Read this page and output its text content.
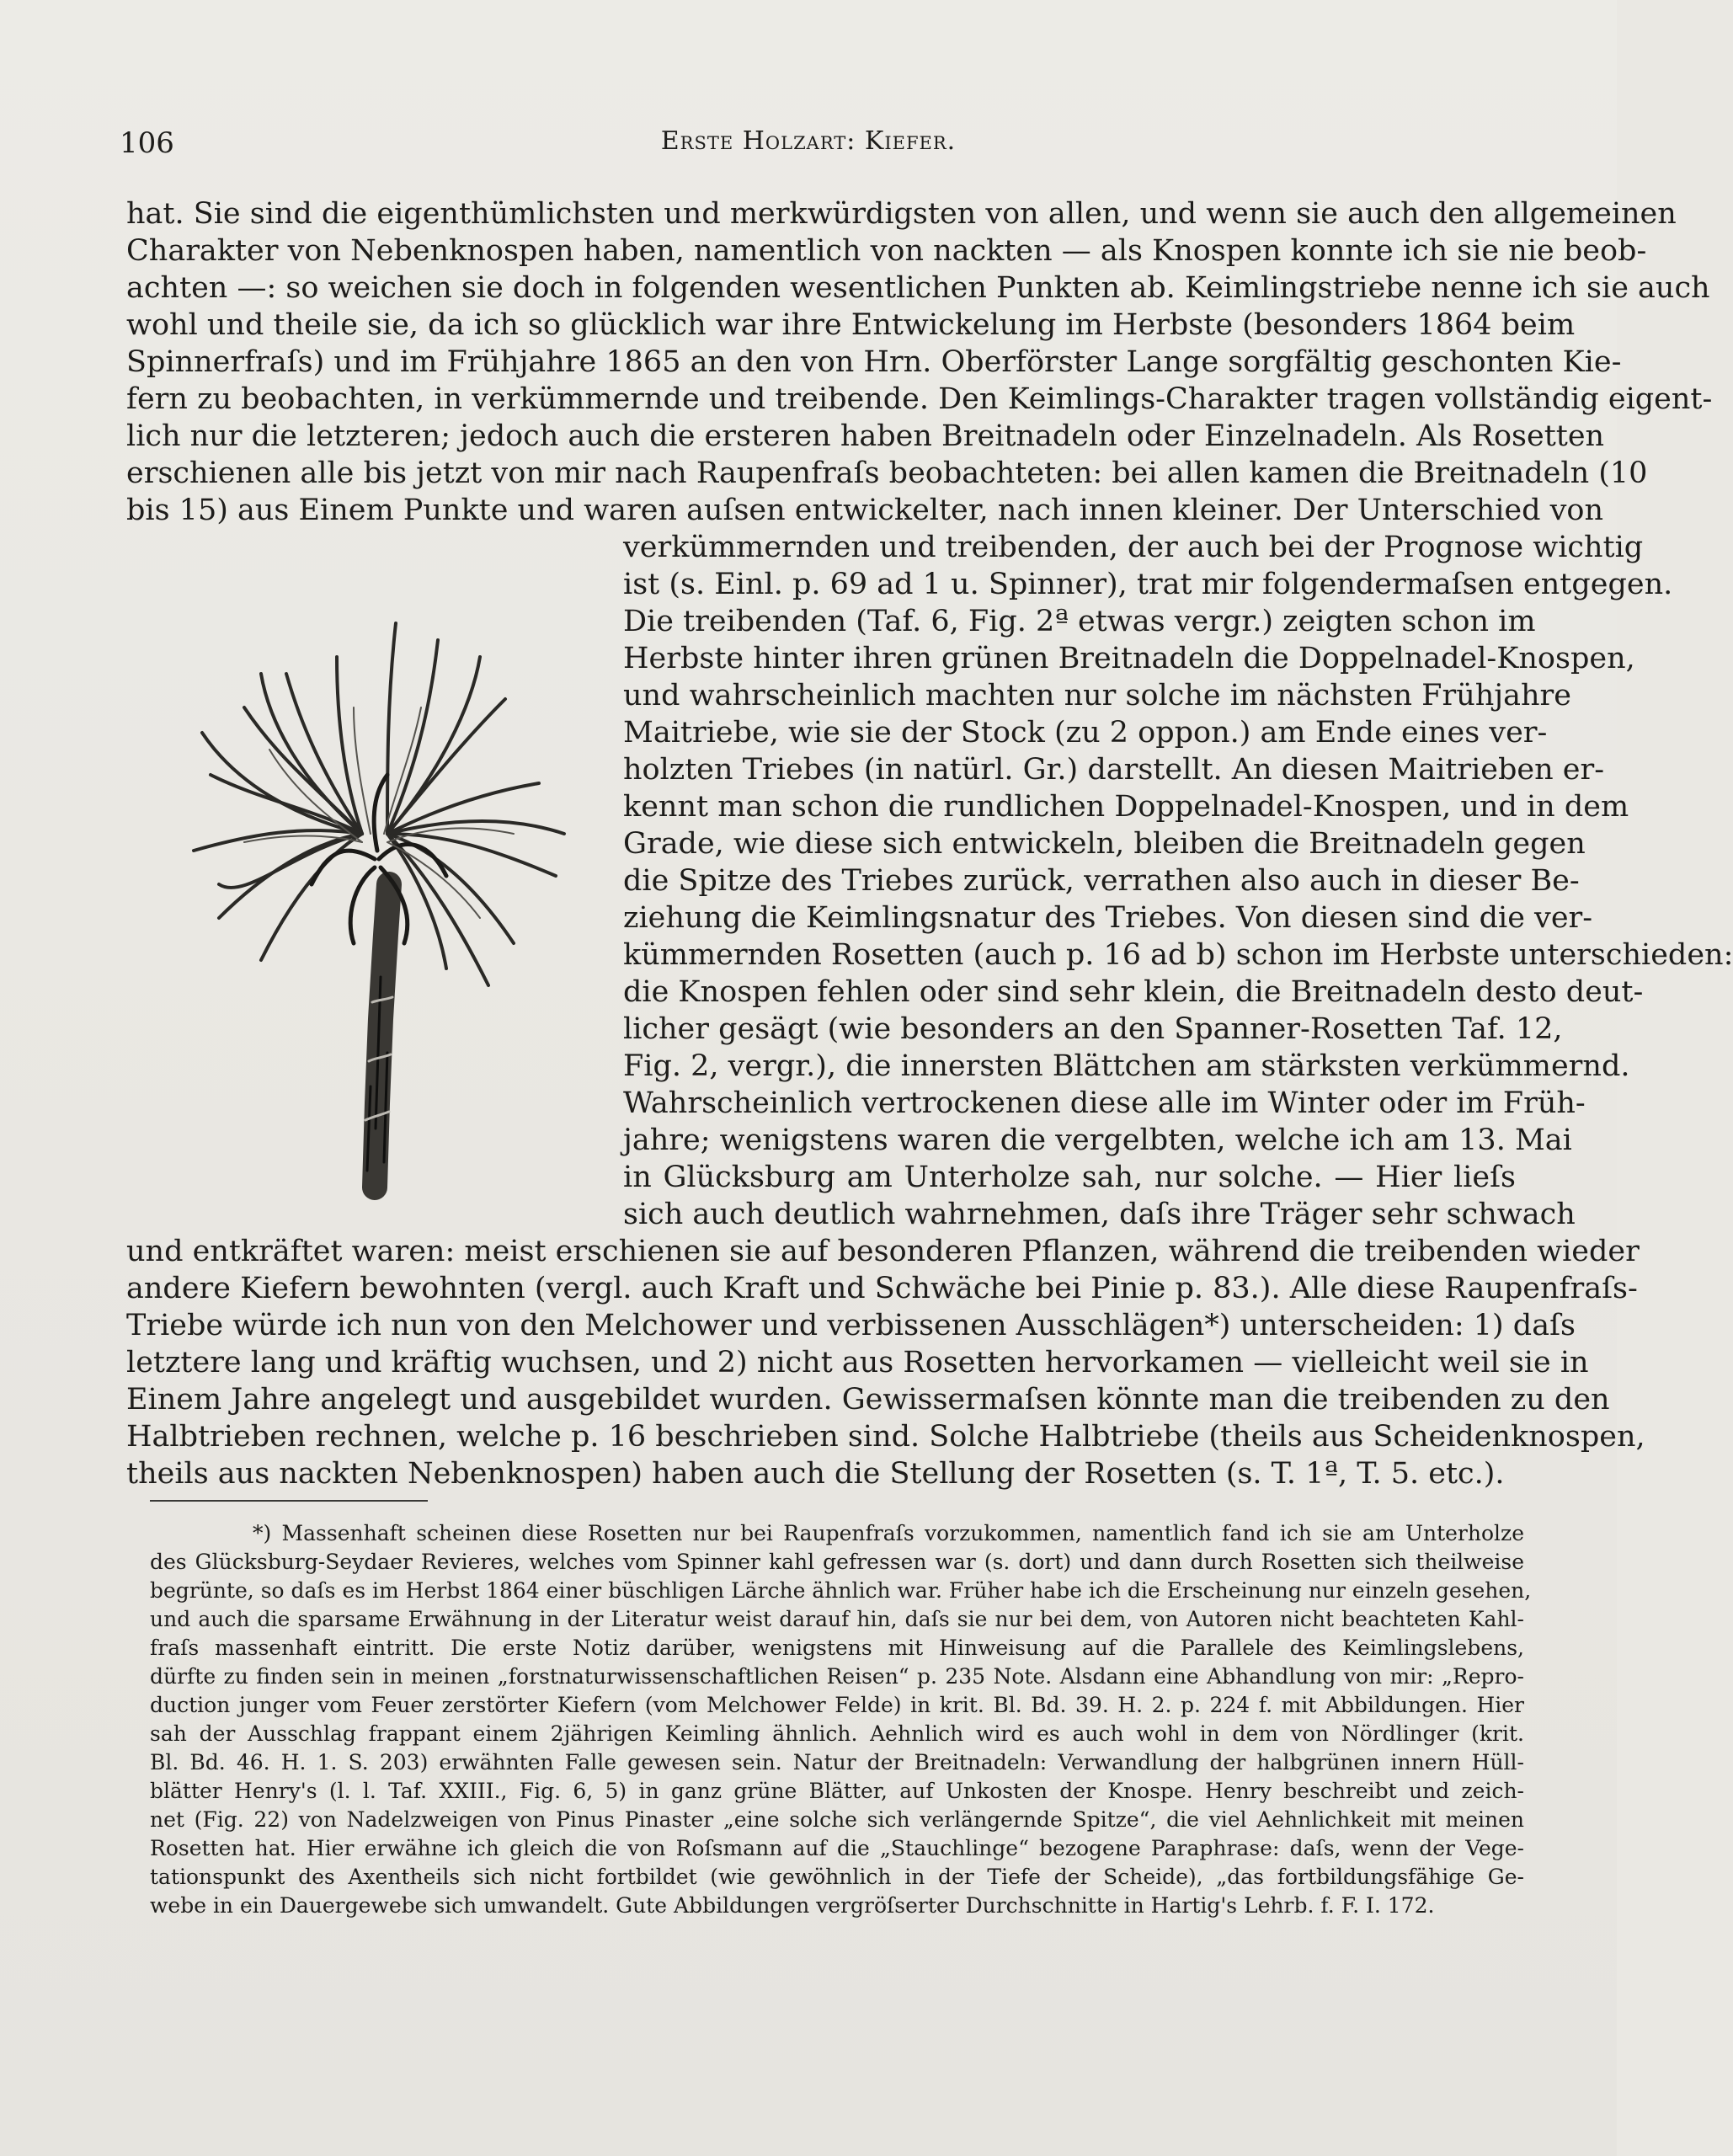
106	Erste Holzart: Kiefer.
hat. Sie sind die eigenthümlichsten und merkwürdigsten von allen, und wenn sie auch den allgemeinen
Charakter von Nebenknospen haben, namentlich von nackten — als Knospen konnte ich sie nie beob-
achten —: so weichen sie doch in folgenden wesentlichen Punkten ab. Keimlingstriebe nenne ich sie auch
wohl und theile sie, da ich so glücklich war ihre Entwickelung im Herbste (besonders 1864 beim
Spinnerfraſs) und im Frühjahre 1865 an den von Hrn. Oberförster Lange sorgfältig geschonten Kie-
fern zu beobachten, in verkümmernde und treibende. Den Keimlings-Charakter tragen vollständig eigent-
lich nur die letzteren; jedoch auch die ersteren haben Breitnadeln oder Einzelnadeln. Als Rosetten
erschienen alle bis jetzt von mir nach Raupenfraſs beobachteten: bei allen kamen die Breitnadeln (10
bis 15) aus Einem Punkte und waren auſsen entwickelter, nach innen kleiner. Der Unterschied von
verkümmernden und treibenden, der auch bei der Prognose wichtig
ist (s. Einl. p. 69 ad 1 u. Spinner), trat mir folgendermaſsen entgegen.
Die treibenden (Taf. 6, Fig. 2ª etwas vergr.) zeigten schon im
Herbste hinter ihren grünen Breitnadeln die Doppelnadel-Knospen,
und wahrscheinlich machten nur solche im nächsten Frühjahre
Maitriebe, wie sie der Stock (zu 2 oppon.) am Ende eines ver-
holzten Triebes (in natürl. Gr.) darstellt. An diesen Maitrieben er-
kennt man schon die rundlichen Doppelnadel-Knospen, und in dem
Grade, wie diese sich entwickeln, bleiben die Breitnadeln gegen
die Spitze des Triebes zurück, verrathen also auch in dieser Be-
ziehung die Keimlingsnatur des Triebes. Von diesen sind die ver-
kümmernden Rosetten (auch p. 16 ad b) schon im Herbste unterschieden:
die Knospen fehlen oder sind sehr klein, die Breitnadeln desto deut-
licher gesägt (wie besonders an den Spanner-Rosetten Taf. 12,
Fig. 2, vergr.), die innersten Blättchen am stärksten verkümmernd.
Wahrscheinlich vertrockenen diese alle im Winter oder im Früh-
jahre; wenigstens waren die vergelbten, welche ich am 13. Mai
in Glücksburg am Unterholze sah, nur solche. — Hier lieſs
sich auch deutlich wahrnehmen, daſs ihre Träger sehr schwach
und entkräftet waren: meist erschienen sie auf besonderen Pflanzen, während die treibenden wieder
andere Kiefern bewohnten (vergl. auch Kraft und Schwäche bei Pinie p. 83.). Alle diese Raupenfraſs-
Triebe würde ich nun von den Melchower und verbissenen Ausschlägen*) unterscheiden: 1) daſs
letztere lang und kräftig wuchsen, und 2) nicht aus Rosetten hervorkamen — vielleicht weil sie in
Einem Jahre angelegt und ausgebildet wurden. Gewissermaſsen könnte man die treibenden zu den
Halbtrieben rechnen, welche p. 16 beschrieben sind. Solche Halbtriebe (theils aus Scheidenknospen,
theils aus nackten Nebenknospen) haben auch die Stellung der Rosetten (s. T. 1ª, T. 5. etc.).
*) Massenhaft scheinen diese Rosetten nur bei Raupenfraſs vorzukommen, namentlich fand ich sie am Unterholze
des Glücksburg-Seydaer Revieres, welches vom Spinner kahl gefressen war (s. dort) und dann durch Rosetten sich theilweise
begrünte, so daſs es im Herbst 1864 einer büschligen Lärche ähnlich war. Früher habe ich die Erscheinung nur einzeln gesehen,
und auch die sparsame Erwähnung in der Literatur weist darauf hin, daſs sie nur bei dem, von Autoren nicht beachteten Kahl-
fraſs massenhaft eintritt. Die erste Notiz darüber, wenigstens mit Hinweisung auf die Parallele des Keimlingslebens,
dürfte zu finden sein in meinen „forstnaturwissenschaftlichen Reisen“ p. 235 Note. Alsdann eine Abhandlung von mir: „Repro-
duction junger vom Feuer zerstörter Kiefern (vom Melchower Felde) in krit. Bl. Bd. 39. H. 2. p. 224 f. mit Abbildungen. Hier
sah der Ausschlag frappant einem 2jährigen Keimling ähnlich. Aehnlich wird es auch wohl in dem von Nördlinger (krit.
Bl. Bd. 46. H. 1. S. 203) erwähnten Falle gewesen sein. Natur der Breitnadeln: Verwandlung der halbgrünen innern Hüll-
blätter Henry's (l. l. Taf. XXIII., Fig. 6, 5) in ganz grüne Blätter, auf Unkosten der Knospe. Henry beschreibt und zeich-
net (Fig. 22) von Nadelzweigen von Pinus Pinaster „eine solche sich verlängernde Spitze“, die viel Aehnlichkeit mit meinen
Rosetten hat. Hier erwähne ich gleich die von Roſsmann auf die „Stauchlinge“ bezogene Paraphrase: daſs, wenn der Vege-
tationspunkt des Axentheils sich nicht fortbildet (wie gewöhnlich in der Tiefe der Scheide), „das fortbildungsfähige Ge-
webe in ein Dauergewebe sich umwandelt. Gute Abbildungen vergröſserter Durchschnitte in Hartig's Lehrb. f. F. I. 172.
